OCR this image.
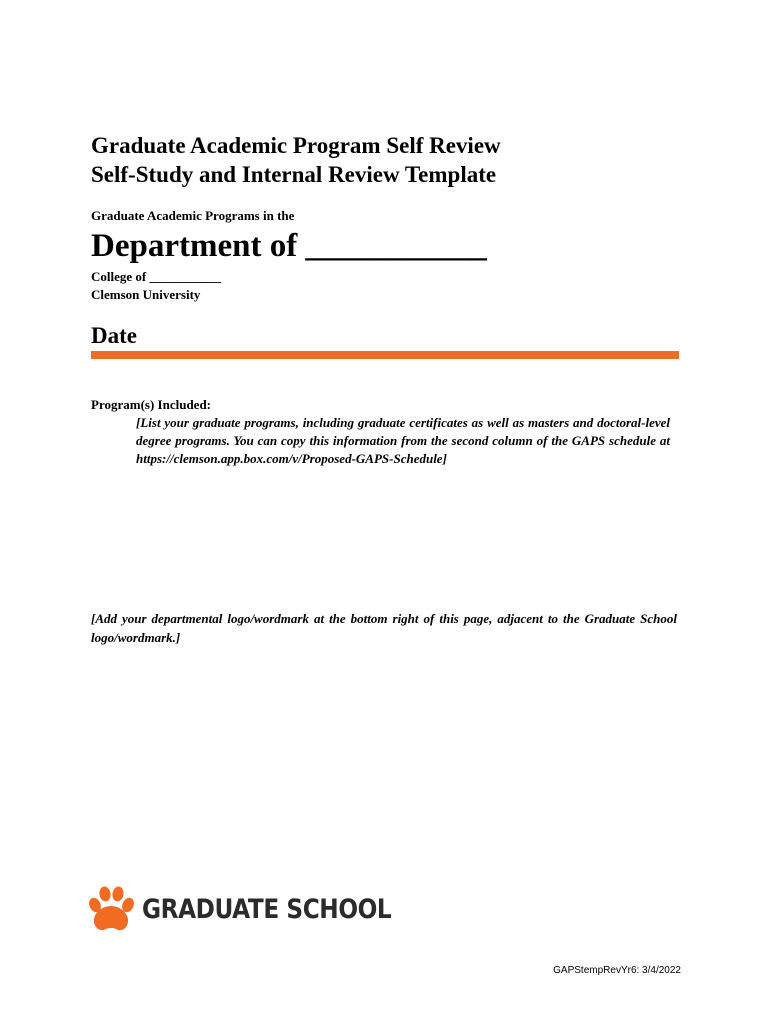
Graduate Academic Program Self Review
Self-Study and Internal Review Template
Graduate Academic Programs in the
Department of ___________
College of ___________
Clemson University
Date
Program(s) Included:
[List your graduate programs, including graduate certificates as well as masters and doctoral-level degree programs. You can copy this information from the second column of the GAPS schedule at https://clemson.app.box.com/v/Proposed-GAPS-Schedule]
[Add your departmental logo/wordmark at the bottom right of this page, adjacent to the Graduate School logo/wordmark.]
GRADUATE SCHOOL
GAPStempRevYr6: 3/4/2022
